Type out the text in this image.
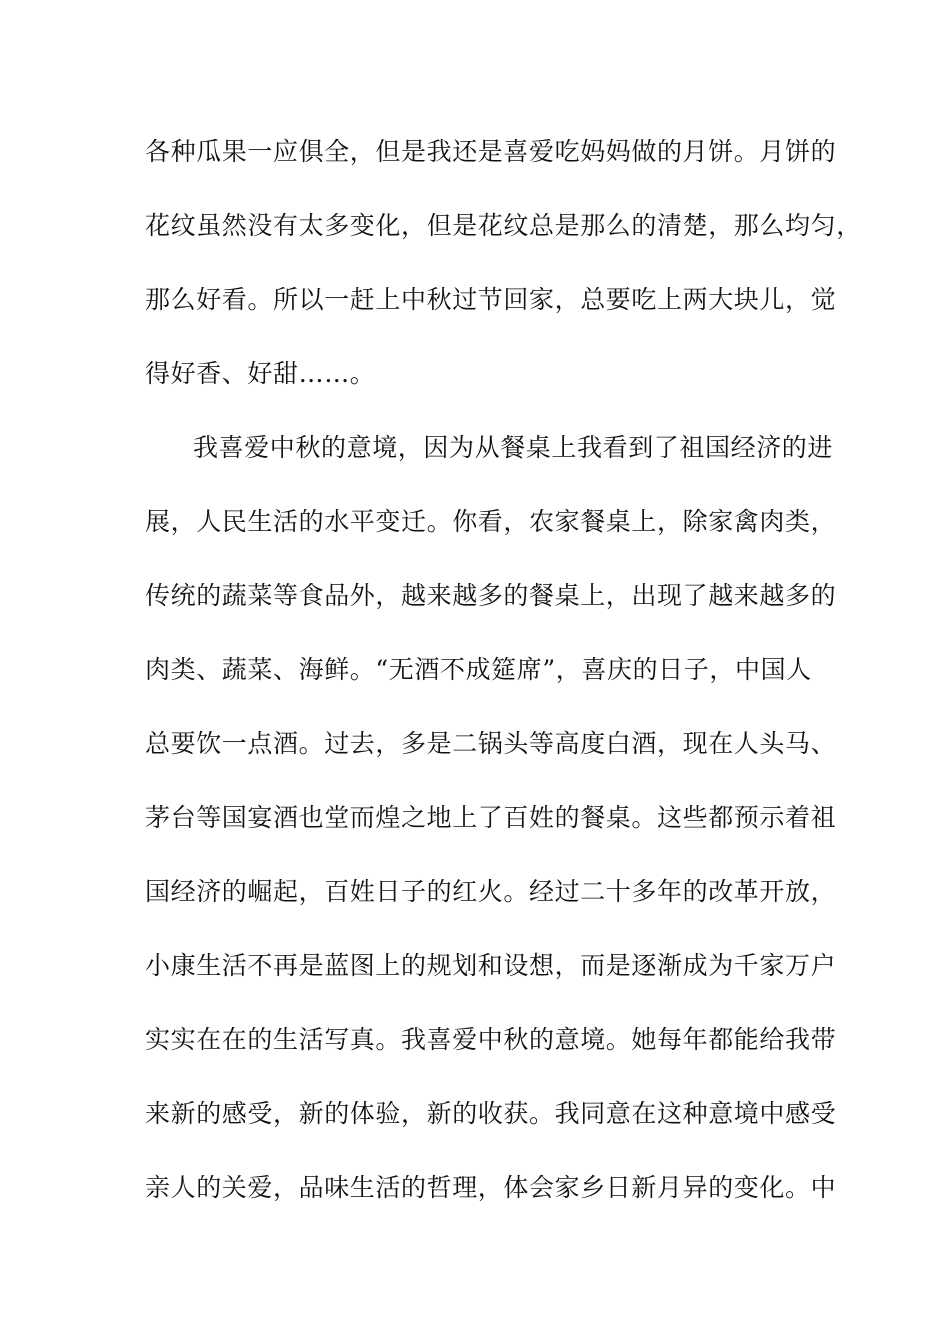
各种瓜果一应俱全，但是我还是喜爱吃妈妈做的月饼。月饼的
花纹虽然没有太多变化，但是花纹总是那么的清楚，那么均匀，
那么好看。所以一赶上中秋过节回家，总要吃上两大块儿，觉
得好香、好甜……。
我喜爱中秋的意境，因为从餐桌上我看到了祖国经济的进
展，人民生活的水平变迁。你看，农家餐桌上，除家禽肉类，
传统的蔬菜等食品外，越来越多的餐桌上，出现了越来越多的
肉类、蔬菜、海鲜。“无酒不成筵席”，喜庆的日子，中国人
总要饮一点酒。过去，多是二锅头等高度白酒，现在人头马、
茅台等国宴酒也堂而煌之地上了百姓的餐桌。这些都预示着祖
国经济的崛起，百姓日子的红火。经过二十多年的改革开放，
小康生活不再是蓝图上的规划和设想，而是逐渐成为千家万户
实实在在的生活写真。我喜爱中秋的意境。她每年都能给我带
来新的感受，新的体验，新的收获。我同意在这种意境中感受
亲人的关爱，品味生活的哲理，体会家乡日新月异的变化。中
